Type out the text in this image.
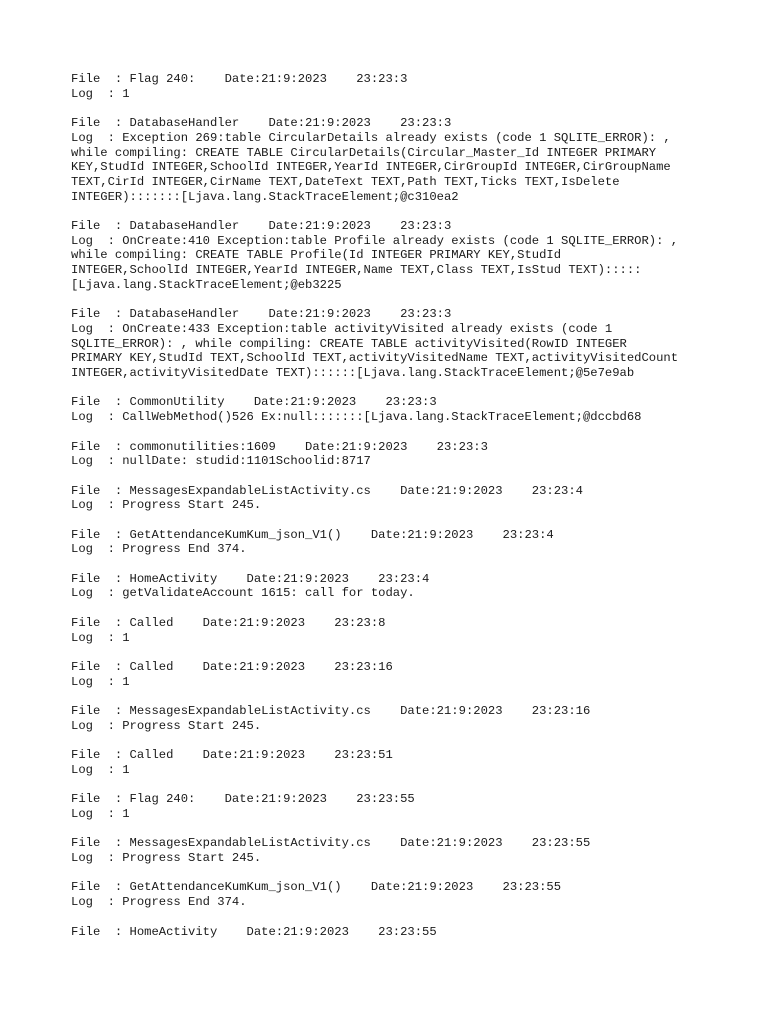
File  : Flag 240:    Date:21:9:2023    23:23:3
Log  : 1
File  : DatabaseHandler    Date:21:9:2023    23:23:3
Log  : Exception 269:table CircularDetails already exists (code 1 SQLITE_ERROR): ,
while compiling: CREATE TABLE CircularDetails(Circular_Master_Id INTEGER PRIMARY
KEY,StudId INTEGER,SchoolId INTEGER,YearId INTEGER,CirGroupId INTEGER,CirGroupName
TEXT,CirId INTEGER,CirName TEXT,DateText TEXT,Path TEXT,Ticks TEXT,IsDelete
INTEGER):::::::[Ljava.lang.StackTraceElement;@c310ea2
File  : DatabaseHandler    Date:21:9:2023    23:23:3
Log  : OnCreate:410 Exception:table Profile already exists (code 1 SQLITE_ERROR): ,
while compiling: CREATE TABLE Profile(Id INTEGER PRIMARY KEY,StudId
INTEGER,SchoolId INTEGER,YearId INTEGER,Name TEXT,Class TEXT,IsStud TEXT):::::
[Ljava.lang.StackTraceElement;@eb3225
File  : DatabaseHandler    Date:21:9:2023    23:23:3
Log  : OnCreate:433 Exception:table activityVisited already exists (code 1
SQLITE_ERROR): , while compiling: CREATE TABLE activityVisited(RowID INTEGER
PRIMARY KEY,StudId TEXT,SchoolId TEXT,activityVisitedName TEXT,activityVisitedCount
INTEGER,activityVisitedDate TEXT)::::::[Ljava.lang.StackTraceElement;@5e7e9ab
File  : CommonUtility    Date:21:9:2023    23:23:3
Log  : CallWebMethod()526 Ex:null:::::::[Ljava.lang.StackTraceElement;@dccbd68
File  : commonutilities:1609    Date:21:9:2023    23:23:3
Log  : nullDate: studid:1101Schoolid:8717
File  : MessagesExpandableListActivity.cs    Date:21:9:2023    23:23:4
Log  : Progress Start 245.
File  : GetAttendanceKumKum_json_V1()    Date:21:9:2023    23:23:4
Log  : Progress End 374.
File  : HomeActivity    Date:21:9:2023    23:23:4
Log  : getValidateAccount 1615: call for today.
File  : Called    Date:21:9:2023    23:23:8
Log  : 1
File  : Called    Date:21:9:2023    23:23:16
Log  : 1
File  : MessagesExpandableListActivity.cs    Date:21:9:2023    23:23:16
Log  : Progress Start 245.
File  : Called    Date:21:9:2023    23:23:51
Log  : 1
File  : Flag 240:    Date:21:9:2023    23:23:55
Log  : 1
File  : MessagesExpandableListActivity.cs    Date:21:9:2023    23:23:55
Log  : Progress Start 245.
File  : GetAttendanceKumKum_json_V1()    Date:21:9:2023    23:23:55
Log  : Progress End 374.
File  : HomeActivity    Date:21:9:2023    23:23:55
